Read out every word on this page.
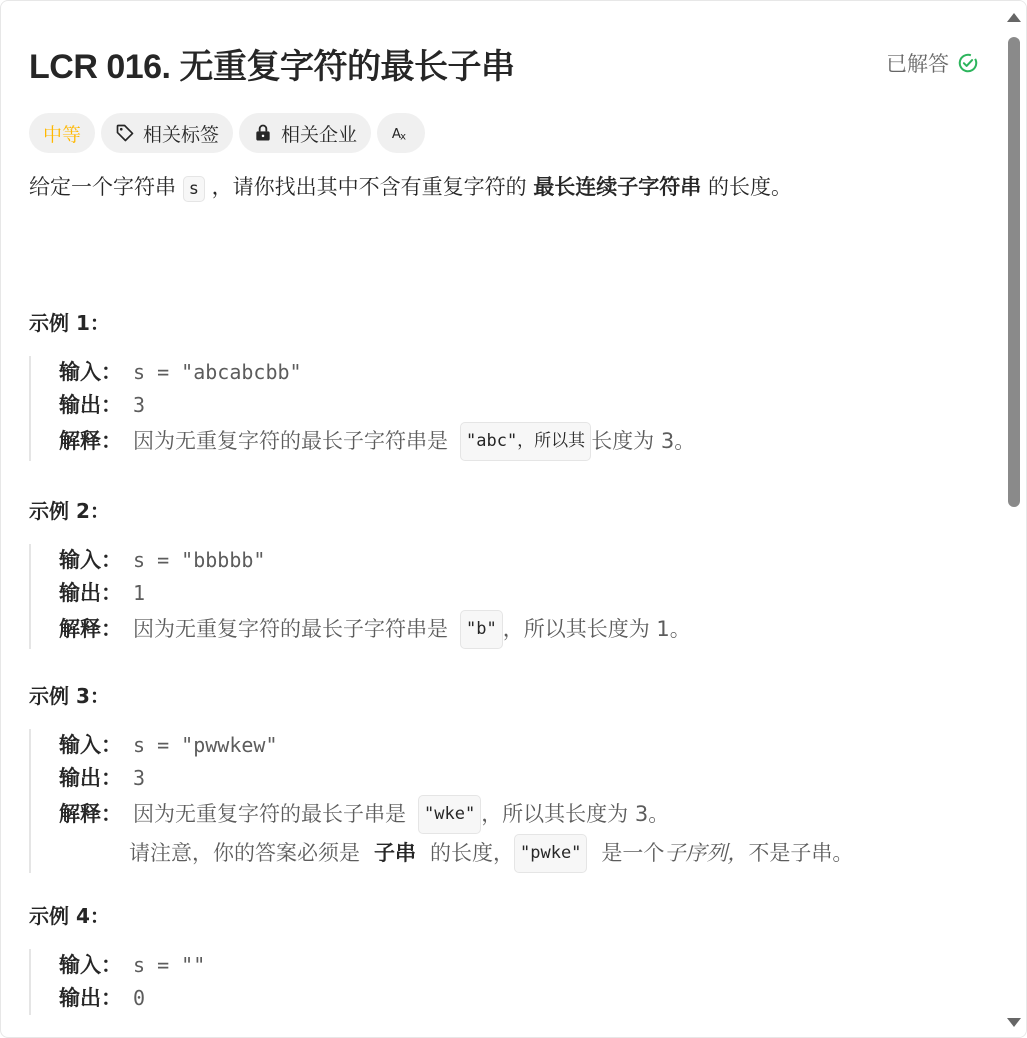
LCR 016. 无重复字符的最长子串	已解答
中等	相关标签	相关企业 A x
给定一个字符串 s ，请你找出其中不含有重复字符的 最长连续子字符串 的长度。
示例 1：
输入： s = "abcabcbb"
输出： 3
解释： 因为无重复字符的最长子字符串是	"abc"，所以其 长度为 3。
示例 2：
输入： s = "bbbbb"
输出： 1
解释： 因为无重复字符的最长子字符串是	"b" ，所以其长度为 1。
示例 3：
输入： s = "pwwkew"
输出： 3
解释： 因为无重复字符的最长子串是	"wke" ，所以其长度为 3。
请注意，你的答案必须是 子串 的长度， "pwke" 是一个 子序列， 不是子串。
示例 4：
输入： s = ""
输出： 0
